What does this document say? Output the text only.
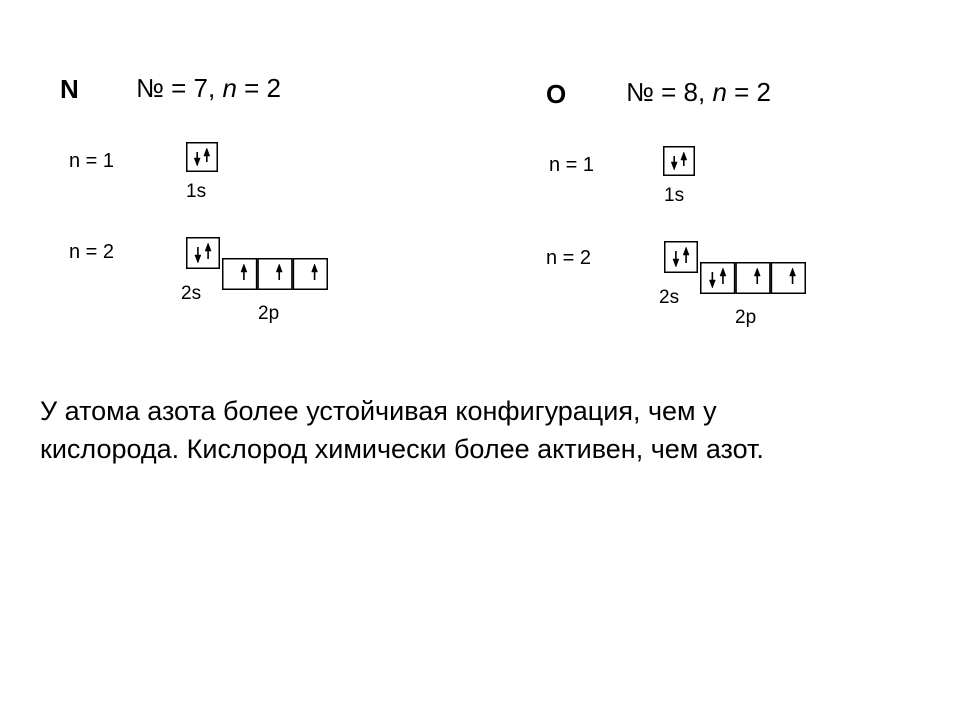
N № = 7, n = 2
n = 1
n = 2
1s
2s
2p
O № = 8, n = 2
n = 1
n = 2
1s
2s
2p
У атома азота более устойчивая конфигурация, чем у
кислорода. Кислород химически более активен, чем азот.
